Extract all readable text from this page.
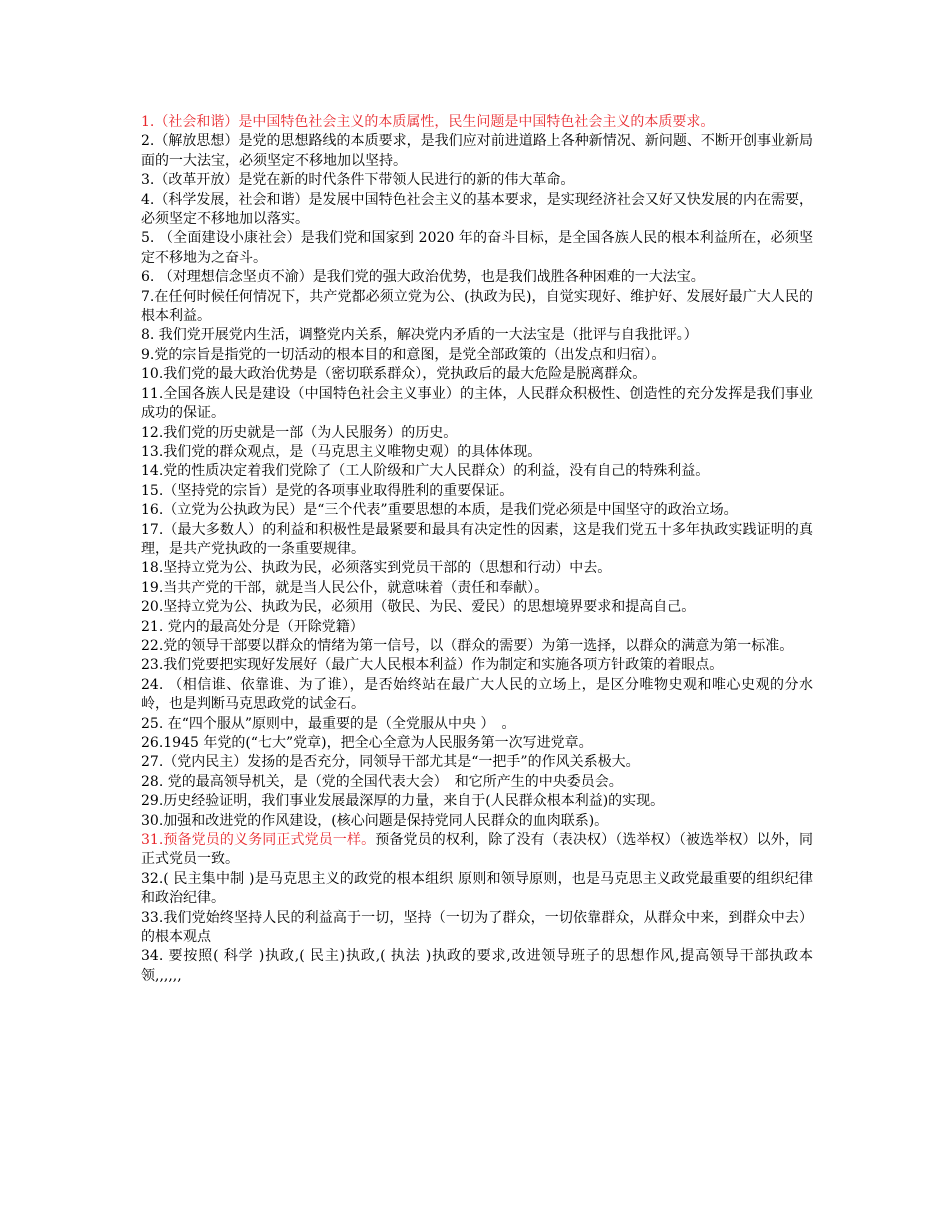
1.（社会和谐）是中国特色社会主义的本质属性，民生问题是中国特色社会主义的本质要求。

2.（解放思想）是党的思想路线的本质要求，是我们应对前进道路上各种新情况、新问题、不断开创事业新局面的一大法宝，必须坚定不移地加以坚持。

3.（改革开放）是党在新的时代条件下带领人民进行的新的伟大革命。

4.（科学发展，社会和谐）是发展中国特色社会主义的基本要求，是实现经济社会又好又快发展的内在需要，必须坚定不移地加以落实。

5. （全面建设小康社会）是我们党和国家到 2020 年的奋斗目标，是全国各族人民的根本利益所在，必须坚定不移地为之奋斗。

6. （对理想信念坚贞不渝）是我们党的强大政治优势，也是我们战胜各种困难的一大法宝。

7.在任何时候任何情况下，共产党都必须立党为公、(执政为民)，自觉实现好、维护好、发展好最广大人民的根本利益。

8. 我们党开展党内生活，调整党内关系，解决党内矛盾的一大法宝是（批评与自我批评。）

9.党的宗旨是指党的一切活动的根本目的和意图，是党全部政策的（出发点和归宿）。

10.我们党的最大政治优势是（密切联系群众），党执政后的最大危险是脱离群众。

11.全国各族人民是建设（中国特色社会主义事业）的主体，人民群众积极性、创造性的充分发挥是我们事业成功的保证。

12.我们党的历史就是一部（为人民服务）的历史。

13.我们党的群众观点，是（马克思主义唯物史观）的具体体现。

14.党的性质决定着我们党除了（工人阶级和广大人民群众）的利益，没有自己的特殊利益。

15.（坚持党的宗旨）是党的各项事业取得胜利的重要保证。

16.（立党为公执政为民）是“三个代表”重要思想的本质，是我们党必须是中国坚守的政治立场。

17.（最大多数人）的利益和积极性是最紧要和最具有决定性的因素，这是我们党五十多年执政实践证明的真理，是共产党执政的一条重要规律。

18.坚持立党为公、执政为民，必须落实到党员干部的（思想和行动）中去。

19.当共产党的干部，就是当人民公仆，就意味着（责任和奉献）。

20.坚持立党为公、执政为民，必须用（敬民、为民、爱民）的思想境界要求和提高自己。

21. 党内的最高处分是（开除党籍）

22.党的领导干部要以群众的情绪为第一信号，以（群众的需要）为第一选择，以群众的满意为第一标准。

23.我们党要把实现好发展好（最广大人民根本利益）作为制定和实施各项方针政策的着眼点。

24. （相信谁、依靠谁、为了谁），是否始终站在最广大人民的立场上，是区分唯物史观和唯心史观的分水岭，也是判断马克思政党的试金石。

25. 在“四个服从”原则中，最重要的是（全党服从中央 ）　。

26.1945 年党的(“七大”党章)，把全心全意为人民服务第一次写进党章。

27.（党内民主）发扬的是否充分，同领导干部尤其是“一把手”的作风关系极大。

28. 党的最高领导机关，是（党的全国代表大会）　和它所产生的中央委员会。

29.历史经验证明，我们事业发展最深厚的力量，来自于(人民群众根本利益)的实现。

30.加强和改进党的作风建设，(核心问题是保持党同人民群众的血肉联系)。

31.预备党员的义务同正式党员一样。预备党员的权利，除了没有（表决权）（选举权）（被选举权）以外，同正式党员一致。

32.( 民主集中制 )是马克思主义的政党的根本组织 原则和领导原则，也是马克思主义政党最重要的组织纪律和政治纪律。

33.我们党始终坚持人民的利益高于一切，坚持（一切为了群众，一切依靠群众，从群众中来，到群众中去）的根本观点

34. 要按照( 科学 )执政,( 民主)执政,( 执法 )执政的要求,改进领导班子的思想作风,提高领导干部执政本领,,,,,,
